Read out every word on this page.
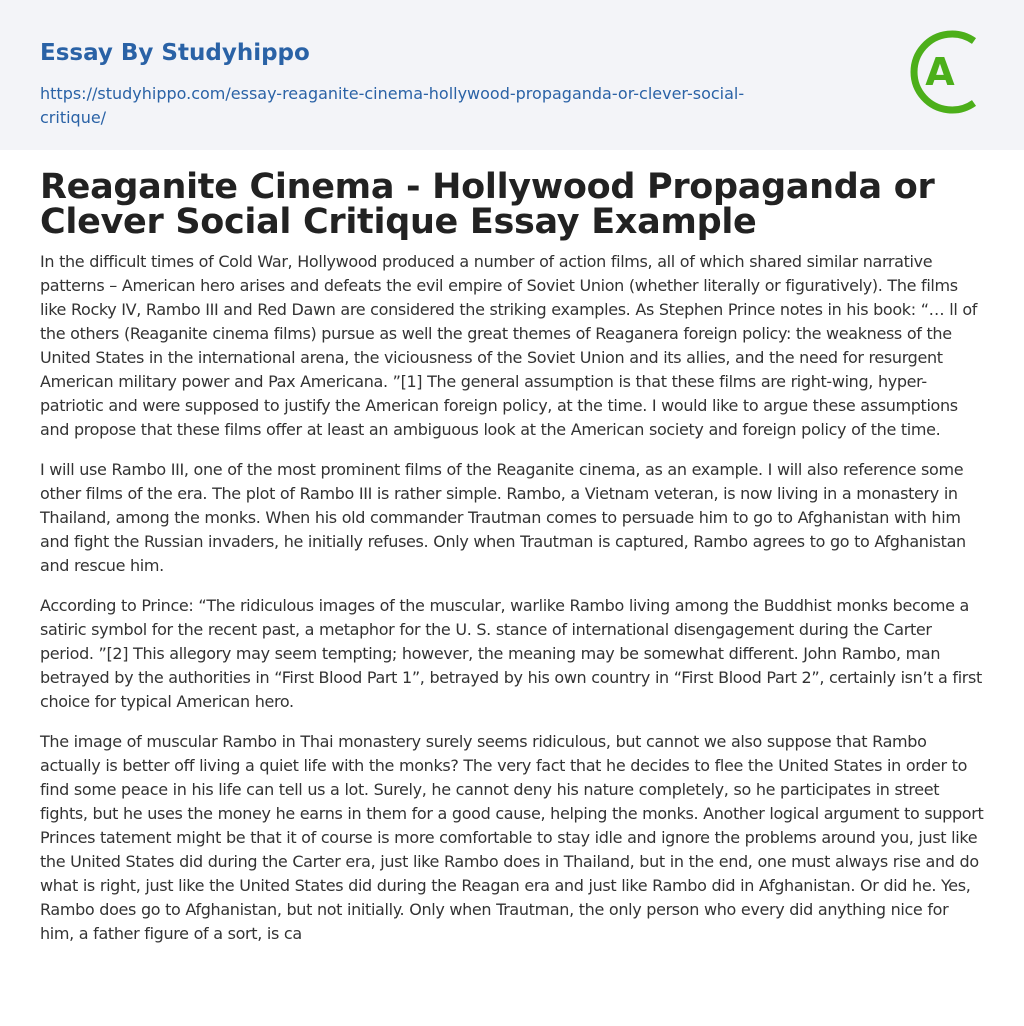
Essay By Studyhippo
https://studyhippo.com/essay-reaganite-cinema-hollywood-propaganda-or-clever-social-critique/
A
Reaganite Cinema - Hollywood Propaganda or Clever Social Critique Essay Example

In the difficult times of Cold War, Hollywood produced a number of action films, all of which shared similar narrative patterns – American hero arises and defeats the evil empire of Soviet Union (whether literally or figuratively). The films like Rocky IV, Rambo III and Red Dawn are considered the striking examples. As Stephen Prince notes in his book: “… ll of the others (Reaganite cinema films) pursue as well the great themes of Reaganera foreign policy: the weakness of the United States in the international arena, the viciousness of the Soviet Union and its allies, and the need for resurgent American military power and Pax Americana. ”[1] The general assumption is that these films are right-wing, hyper-patriotic and were supposed to justify the American foreign policy, at the time. I would like to argue these assumptions and propose that these films offer at least an ambiguous look at the American society and foreign policy of the time.

I will use Rambo III, one of the most prominent films of the Reaganite cinema, as an example. I will also reference some other films of the era. The plot of Rambo III is rather simple. Rambo, a Vietnam veteran, is now living in a monastery in Thailand, among the monks. When his old commander Trautman comes to persuade him to go to Afghanistan with him and fight the Russian invaders, he initially refuses. Only when Trautman is captured, Rambo agrees to go to Afghanistan and rescue him.

According to Prince: “The ridiculous images of the muscular, warlike Rambo living among the Buddhist monks become a satiric symbol for the recent past, a metaphor for the U. S. stance of international disengagement during the Carter period. ”[2] This allegory may seem tempting; however, the meaning may be somewhat different. John Rambo, man betrayed by the authorities in “First Blood Part 1”, betrayed by his own country in “First Blood Part 2”, certainly isn’t a first choice for typical American hero.

The image of muscular Rambo in Thai monastery surely seems ridiculous, but cannot we also suppose that Rambo actually is better off living a quiet life with the monks? The very fact that he decides to flee the United States in order to find some peace in his life can tell us a lot. Surely, he cannot deny his nature completely, so he participates in street fights, but he uses the money he earns in them for a good cause, helping the monks. Another logical argument to support Princes tatement might be that it of course is more comfortable to stay idle and ignore the problems around you, just like the United States did during the Carter era, just like Rambo does in Thailand, but in the end, one must always rise and do what is right, just like the United States did during the Reagan era and just like Rambo did in Afghanistan. Or did he. Yes, Rambo does go to Afghanistan, but not initially. Only when Trautman, the only person who every did anything nice for him, a father figure of a sort, is ca
